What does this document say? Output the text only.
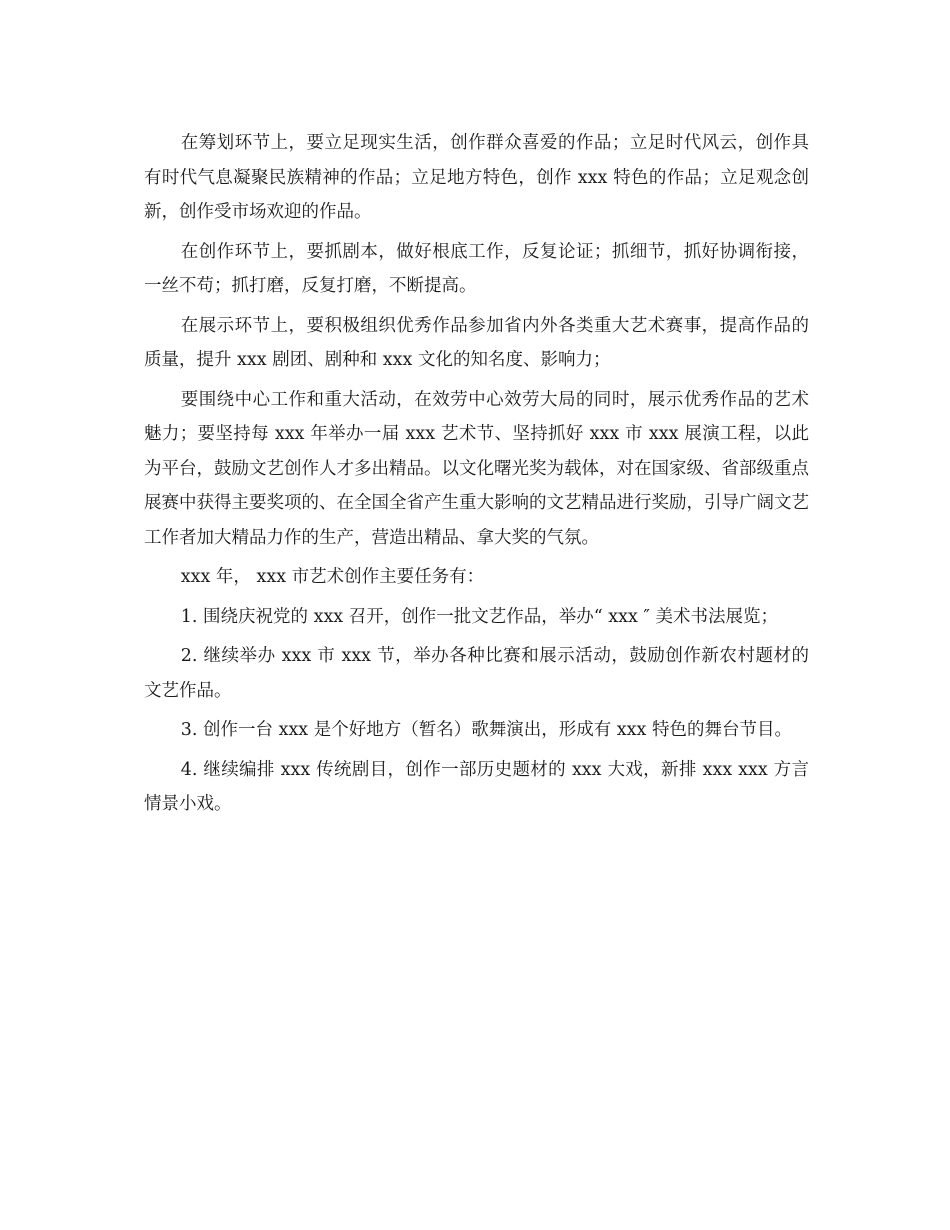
在筹划环节上，要立足现实生活，创作群众喜爱的作品；立足时代风云，创作具有时代气息凝聚民族精神的作品；立足地方特色，创作 xxx 特色的作品；立足观念创新，创作受市场欢迎的作品。

在创作环节上，要抓剧本，做好根底工作，反复论证；抓细节，抓好协调衔接，一丝不苟；抓打磨，反复打磨，不断提高。

在展示环节上，要积极组织优秀作品参加省内外各类重大艺术赛事，提高作品的质量，提升 xxx 剧团、剧种和 xxx 文化的知名度、影响力；

要围绕中心工作和重大活动，在效劳中心效劳大局的同时，展示优秀作品的艺术魅力；要坚持每 xxx 年举办一届 xxx 艺术节、坚持抓好 xxx 市 xxx 展演工程，以此为平台，鼓励文艺创作人才多出精品。以文化曙光奖为载体，对在国家级、省部级重点展赛中获得主要奖项的、在全国全省产生重大影响的文艺精品进行奖励，引导广阔文艺工作者加大精品力作的生产，营造出精品、拿大奖的气氛。

xxx 年， xxx 市艺术创作主要任务有：

1. 围绕庆祝党的 xxx 召开，创作一批文艺作品，举办“ xxx ″ 美术书法展览；

2. 继续举办 xxx 市 xxx 节，举办各种比赛和展示活动，鼓励创作新农村题材的文艺作品。

3. 创作一台 xxx 是个好地方（暂名）歌舞演出，形成有 xxx 特色的舞台节目。

4. 继续编排 xxx 传统剧目，创作一部历史题材的 xxx 大戏，新排 xxx xxx 方言情景小戏。
